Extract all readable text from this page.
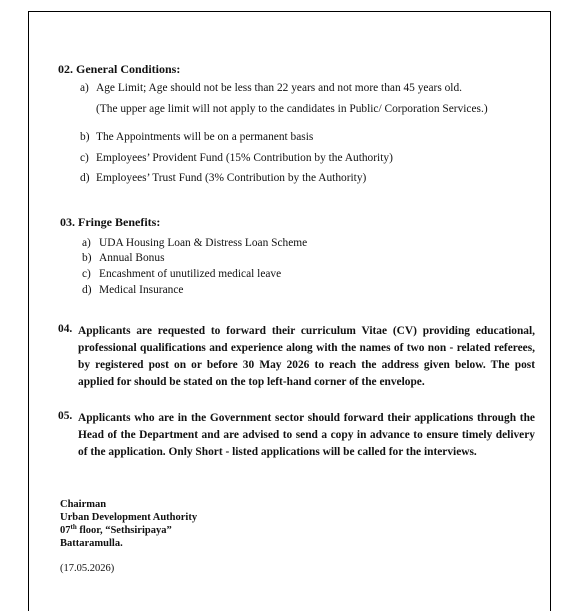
02. General Conditions:
a) Age Limit; Age should not be less than 22 years and not more than 45 years old.
(The upper age limit will not apply to the candidates in Public/ Corporation Services.)
b) The Appointments will be on a permanent basis
c) Employees’ Provident Fund (15% Contribution by the Authority)
d) Employees’ Trust Fund (3% Contribution by the Authority)
03. Fringe Benefits:
a) UDA Housing Loan & Distress Loan Scheme
b) Annual Bonus
c) Encashment of unutilized medical leave
d) Medical Insurance
04. Applicants are requested to forward their curriculum Vitae (CV) providing educational, professional qualifications and experience along with the names of two non - related referees, by registered post on or before 30 May 2026 to reach the address given below. The post applied for should be stated on the top left-hand corner of the envelope.
05. Applicants who are in the Government sector should forward their applications through the Head of the Department and are advised to send a copy in advance to ensure timely delivery of the application. Only Short - listed applications will be called for the interviews.
Chairman
Urban Development Authority
07th floor, “Sethsiripaya”
Battaramulla.
(17.05.2026)
